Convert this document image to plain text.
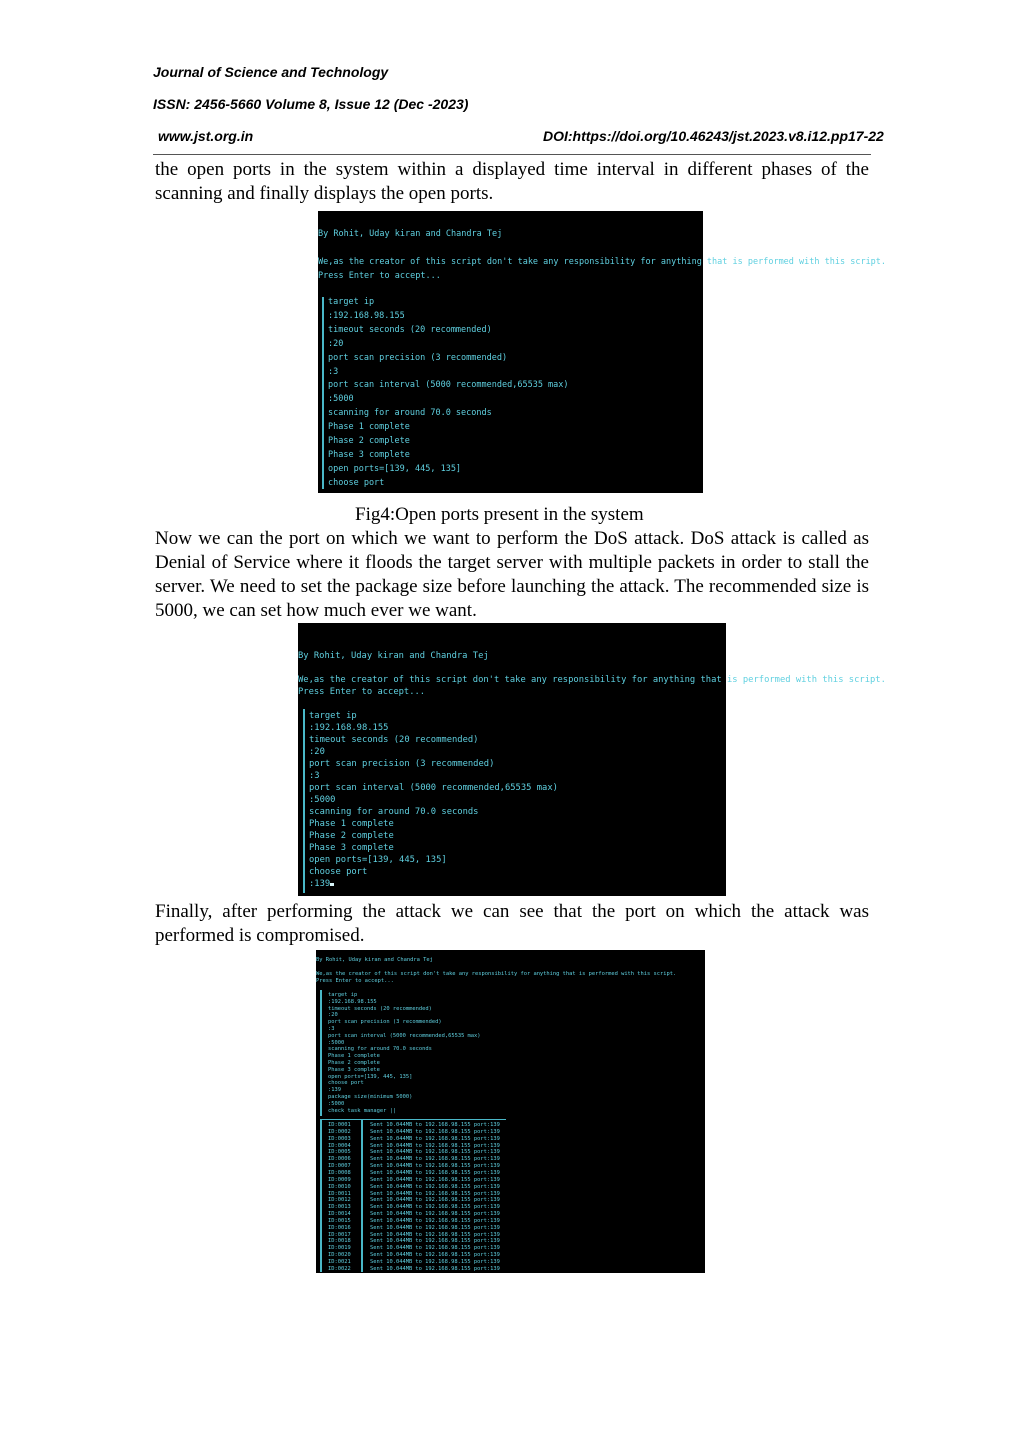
Journal of Science and Technology
ISSN: 2456-5660 Volume 8, Issue 12 (Dec -2023)
www.jst.org.in	DOI:https://doi.org/10.46243/jst.2023.v8.i12.pp17-22

the open ports in the system within a displayed time interval in different phases of the scanning and finally displays the open ports.

By Rohit, Uday kiran and Chandra Tej
We,as the creator of this script don't take any responsibility for anything that is performed with this script.
Press Enter to accept...
target ip
:192.168.98.155
timeout seconds (20 recommended)
:20
port scan precision (3 recommended)
:3
port scan interval (5000 recommended,65535 max)
:5000
scanning for around 70.0 seconds
Phase 1 complete
Phase 2 complete
Phase 3 complete
open ports=[139, 445, 135]
choose port
Fig4:Open ports present in the system

Now we can the port on which we want to perform the DoS attack. DoS attack is called as Denial of Service where it floods the target server with multiple packets in order to stall the server. We need to set the package size before launching the attack. The recommended size is 5000, we can set how much ever we want.

By Rohit, Uday kiran and Chandra Tej
We,as the creator of this script don't take any responsibility for anything that is performed with this script.
Press Enter to accept...
target ip
:192.168.98.155
timeout seconds (20 recommended)
:20
port scan precision (3 recommended)
:3
port scan interval (5000 recommended,65535 max)
:5000
scanning for around 70.0 seconds
Phase 1 complete
Phase 2 complete
Phase 3 complete
open ports=[139, 445, 135]
choose port
:139

Finally, after performing the attack we can see that the port on which the attack was performed is compromised.

By Rohit, Uday kiran and Chandra Tej
We,as the creator of this script don't take any responsibility for anything that is performed with this script.
Press Enter to accept...
target ip
:192.168.98.155
timeout seconds (20 recommended)
:20
port scan precision (3 recommended)
:3
port scan interval (5000 recommended,65535 max)
:5000
scanning for around 70.0 seconds
Phase 1 complete
Phase 2 complete
Phase 3 complete
open ports=[139, 445, 135]
choose port
:139
package size(minimum 5000)
:5000
check task manager ||
ID:0001	Sent 10.044MB to 192.168.98.155 port:139
ID:0002	Sent 10.044MB to 192.168.98.155 port:139
ID:0003	Sent 10.044MB to 192.168.98.155 port:139
ID:0004	Sent 10.044MB to 192.168.98.155 port:139
ID:0005	Sent 10.044MB to 192.168.98.155 port:139
ID:0006	Sent 10.044MB to 192.168.98.155 port:139
ID:0007	Sent 10.044MB to 192.168.98.155 port:139
ID:0008	Sent 10.044MB to 192.168.98.155 port:139
ID:0009	Sent 10.044MB to 192.168.98.155 port:139
ID:0010	Sent 10.044MB to 192.168.98.155 port:139
ID:0011	Sent 10.044MB to 192.168.98.155 port:139
ID:0012	Sent 10.044MB to 192.168.98.155 port:139
ID:0013	Sent 10.044MB to 192.168.98.155 port:139
ID:0014	Sent 10.044MB to 192.168.98.155 port:139
ID:0015	Sent 10.044MB to 192.168.98.155 port:139
ID:0016	Sent 10.044MB to 192.168.98.155 port:139
ID:0017	Sent 10.044MB to 192.168.98.155 port:139
ID:0018	Sent 10.044MB to 192.168.98.155 port:139
ID:0019	Sent 10.044MB to 192.168.98.155 port:139
ID:0020	Sent 10.044MB to 192.168.98.155 port:139
ID:0021	Sent 10.044MB to 192.168.98.155 port:139
ID:0022	Sent 10.044MB to 192.168.98.155 port:139
